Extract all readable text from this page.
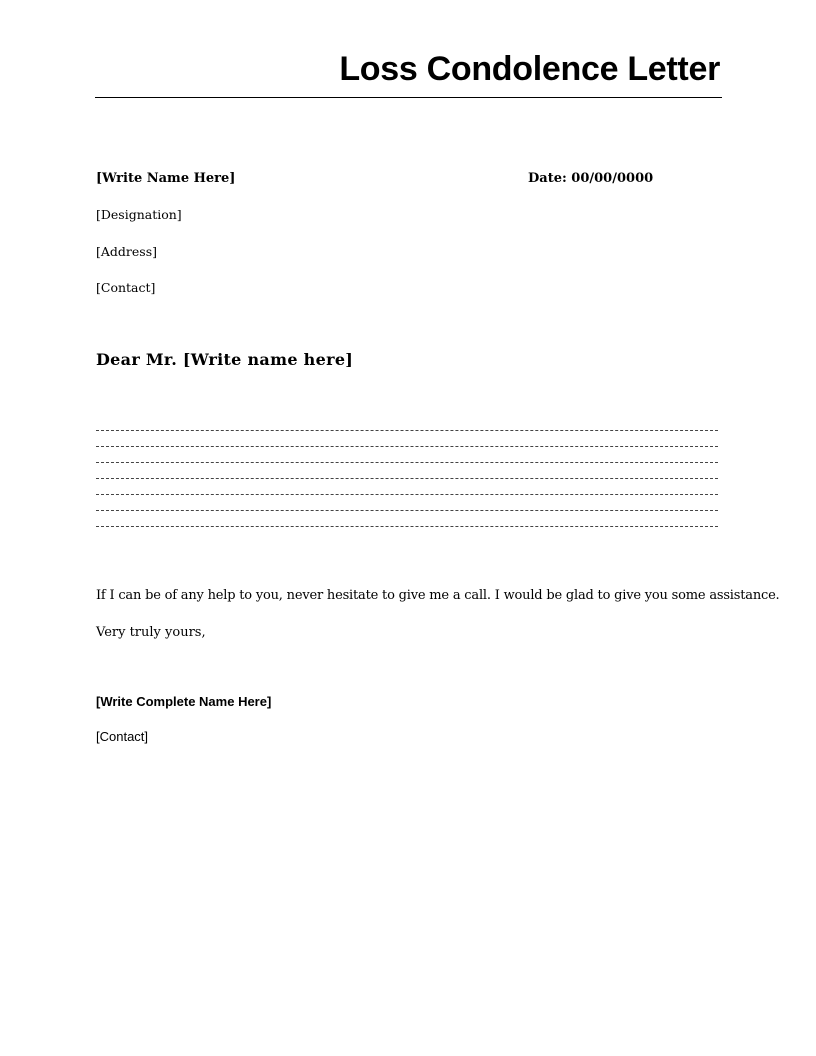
Loss Condolence Letter
[Write Name Here]	Date: 00/00/0000
[Designation]
[Address]
[Contact]
Dear Mr. [Write name here]
If I can be of any help to you, never hesitate to give me a call. I would be glad to give you some assistance.
Very truly yours,
[Write Complete Name Here]
[Contact]
